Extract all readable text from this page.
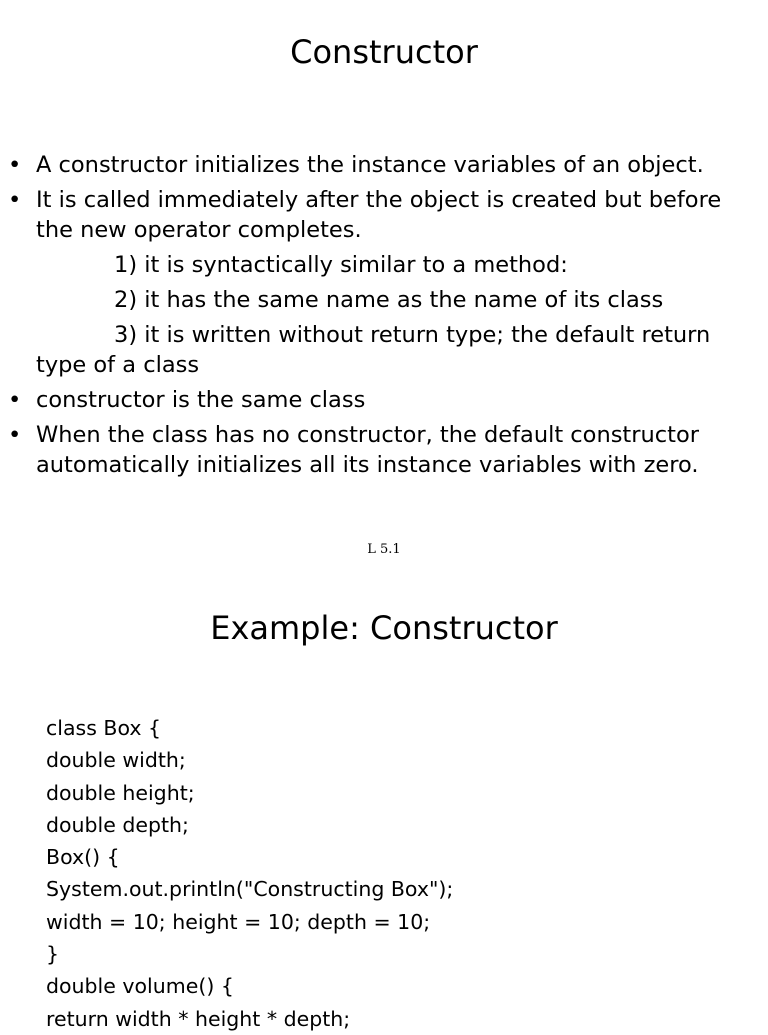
Constructor
• A constructor initializes the instance variables of an object.
• It is called immediately after the object is created but before the new operator completes.
1) it is syntactically similar to a method:
2) it has the same name as the name of its class
3) it is written without return type; the default return type of a class
• constructor is the same class
• When the class has no constructor, the default constructor automatically initializes all its instance variables with zero.
L 5.1
Example: Constructor
class Box {
double width;
double height;
double depth;
Box() {
System.out.println("Constructing Box");
width = 10; height = 10; depth = 10;
}
double volume() {
return width * height * depth;
